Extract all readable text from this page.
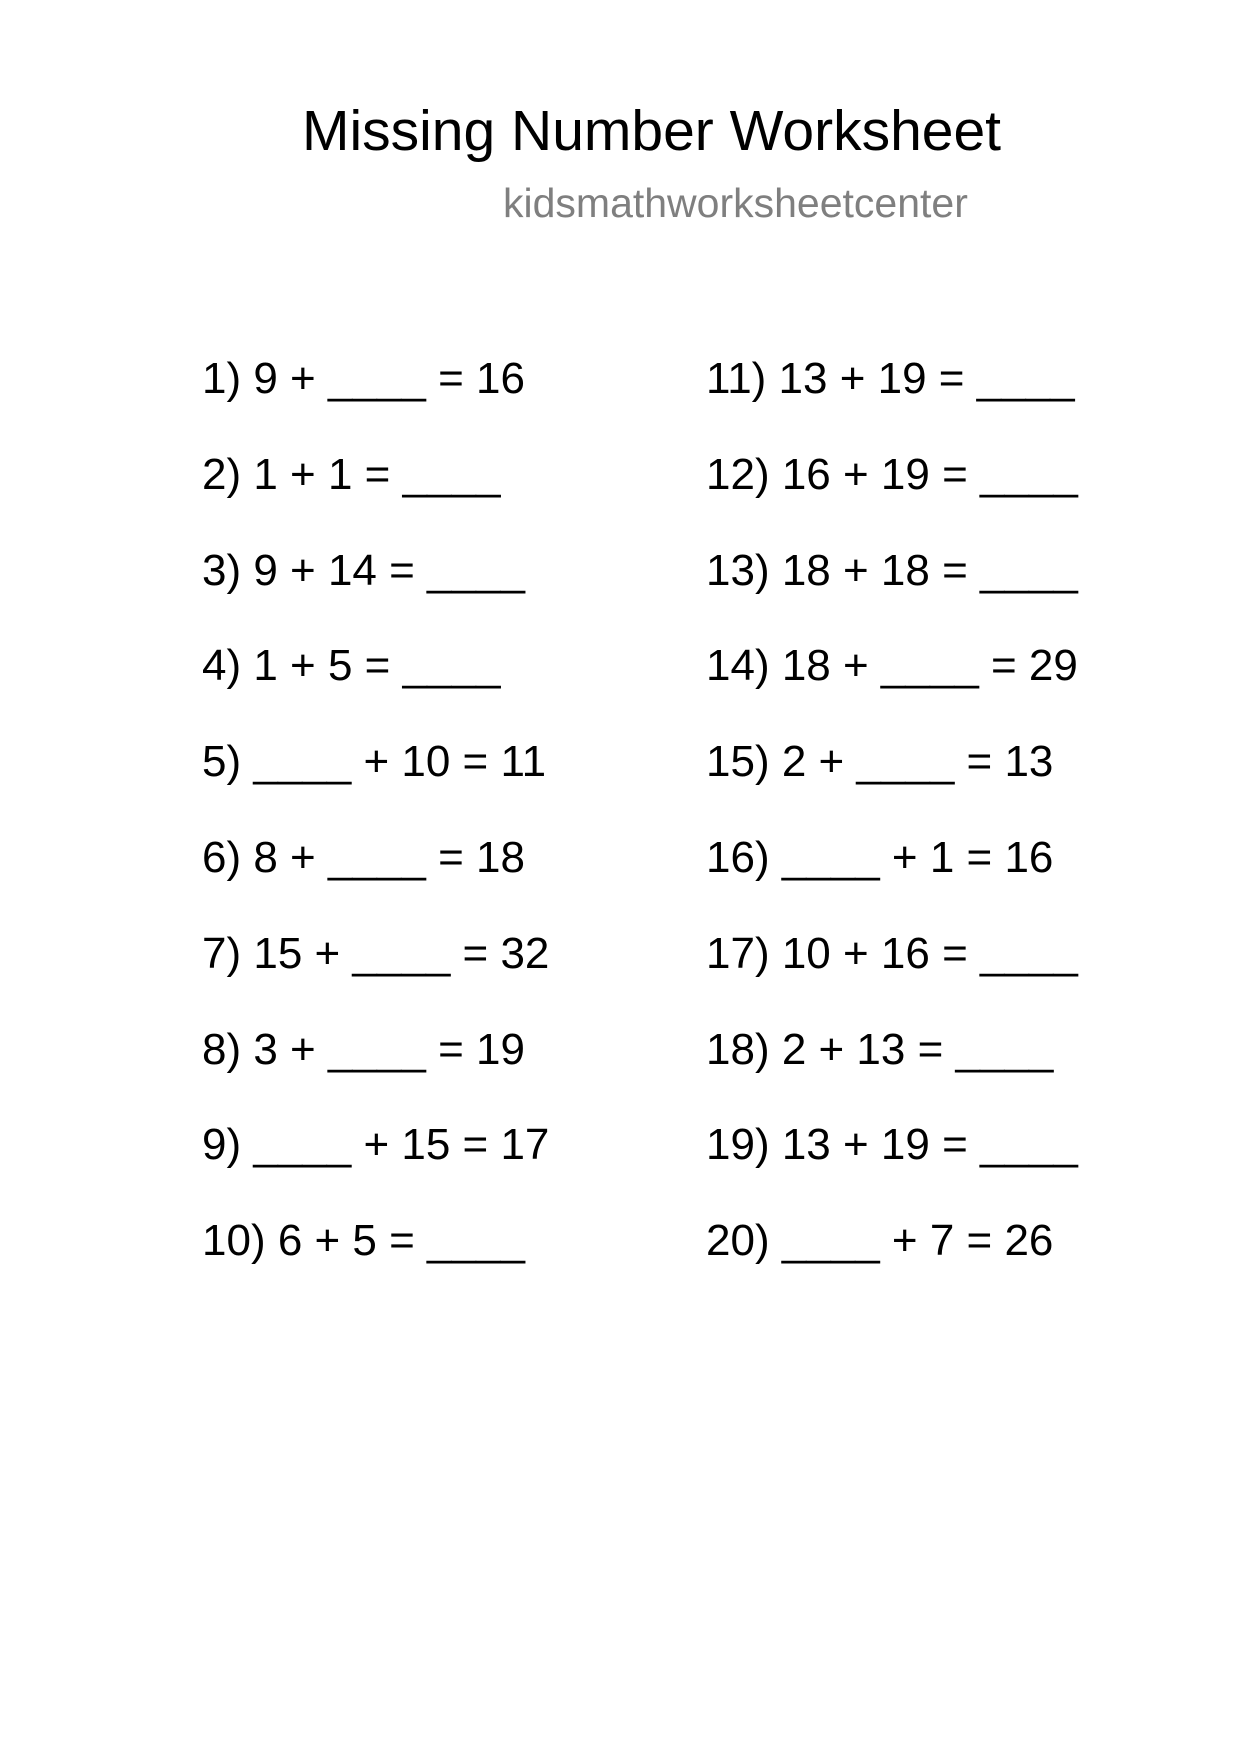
Missing Number Worksheet
kidsmathworksheetcenter
1) 9 + ____ = 16
2) 1 + 1 = ____
3) 9 + 14 = ____
4) 1 + 5 = ____
5) ____ + 10 = 11
6) 8 + ____ = 18
7) 15 + ____ = 32
8) 3 + ____ = 19
9) ____ + 15 = 17
10) 6 + 5 = ____
11) 13 + 19 = ____
12) 16 + 19 = ____
13) 18 + 18 = ____
14) 18 + ____ = 29
15) 2 + ____ = 13
16) ____ + 1 = 16
17) 10 + 16 = ____
18) 2 + 13 = ____
19) 13 + 19 = ____
20) ____ + 7 = 26
